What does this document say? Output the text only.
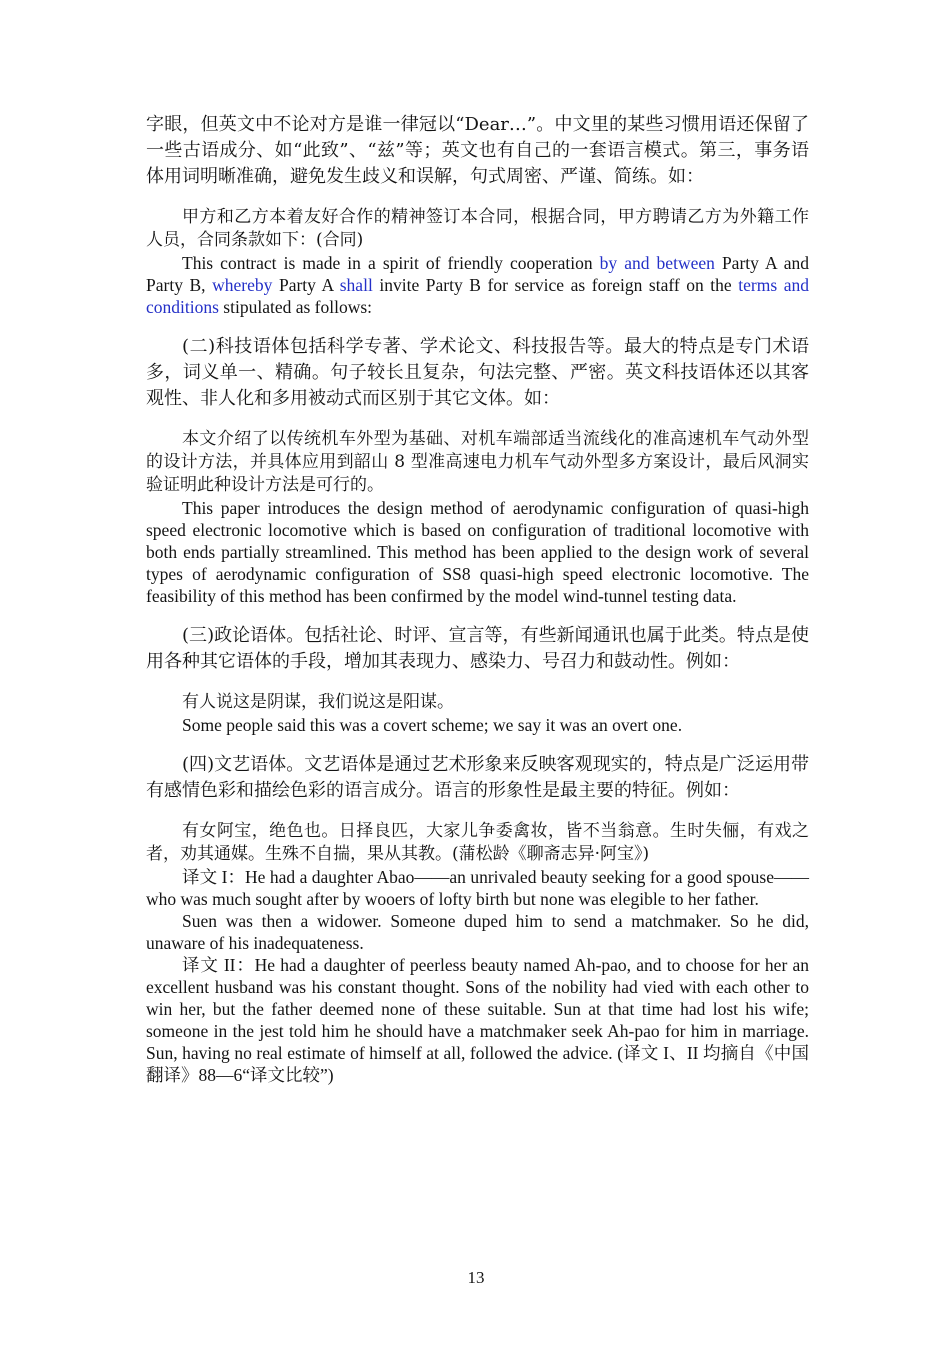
字眼，但英文中不论对方是谁一律冠以“Dear…”。中文里的某些习惯用语还保留了一些古语成分、如“此致”、“兹”等；英文也有自己的一套语言模式。第三，事务语体用词明晰准确，避免发生歧义和误解，句式周密、严谨、简练。如：

甲方和乙方本着友好合作的精神签订本合同，根据合同，甲方聘请乙方为外籍工作人员，合同条款如下：(合同)

This contract is made in a spirit of friendly cooperation by and between Party A and Party B, whereby Party A shall invite Party B for service as foreign staff on the terms and conditions stipulated as follows:

(二)科技语体包括科学专著、学术论文、科技报告等。最大的特点是专门术语多，词义单一、精确。句子较长且复杂，句法完整、严密。英文科技语体还以其客观性、非人化和多用被动式而区别于其它文体。如：

本文介绍了以传统机车外型为基础、对机车端部适当流线化的准高速机车气动外型的设计方法，并具体应用到韶山 8 型准高速电力机车气动外型多方案设计，最后风洞实验证明此种设计方法是可行的。

This paper introduces the design method of aerodynamic configuration of quasi-high speed electronic locomotive which is based on configuration of traditional locomotive with both ends partially streamlined. This method has been applied to the design work of several types of aerodynamic configuration of SS8 quasi-high speed electronic locomotive. The feasibility of this method has been confirmed by the model wind-tunnel testing data.

(三)政论语体。包括社论、时评、宣言等，有些新闻通讯也属于此类。特点是使用各种其它语体的手段，增加其表现力、感染力、号召力和鼓动性。例如：

有人说这是阴谋，我们说这是阳谋。

Some people said this was a covert scheme; we say it was an overt one.

(四)文艺语体。文艺语体是通过艺术形象来反映客观现实的，特点是广泛运用带有感情色彩和描绘色彩的语言成分。语言的形象性是最主要的特征。例如：

有女阿宝，绝色也。日择良匹，大家儿争委禽妆，皆不当翁意。生时失俪，有戏之者，劝其通媒。生殊不自揣，果从其教。(蒲松龄《聊斋志异·阿宝》)

译文 I：He had a daughter Abao——an unrivaled beauty seeking for a good spouse——who was much sought after by wooers of lofty birth but none was elegible to her father.

Suen was then a widower. Someone duped him to send a matchmaker. So he did, unaware of his inadequateness.

译文 II：He had a daughter of peerless beauty named Ah-pao, and to choose for her an excellent husband was his constant thought. Sons of the nobility had vied with each other to win her, but the father deemed none of these suitable. Sun at that time had lost his wife; someone in the jest told him he should have a matchmaker seek Ah-pao for him in marriage. Sun, having no real estimate of himself at all, followed the advice. (译文 I、II 均摘自《中国翻译》88—6“译文比较”)

13
